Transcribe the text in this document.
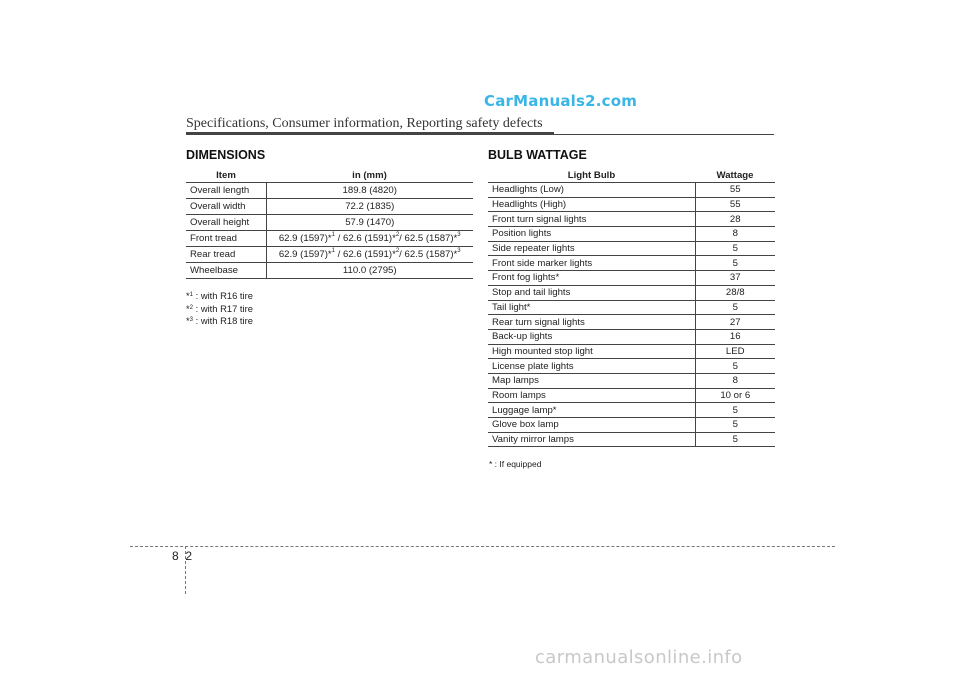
CarManuals2.com
Specifications, Consumer information, Reporting safety defects
DIMENSIONS
Item	in (mm)
Overall length	189.8 (4820)
Overall width	72.2 (1835)
Overall height	57.9 (1470)
Front tread	62.9 (1597)*$^1$ / 62.6 (1591)*$^2$/ 62.5 (1587)*$^3$
Rear tread	62.9 (1597)*$^1$ / 62.6 (1591)*$^2$/ 62.5 (1587)*$^3$
Wheelbase	110.0 (2795)
*$^1$ : with R16 tire
*$^2$ : with R17 tire
*$^3$ : with R18 tire
BULB WATTAGE
Light Bulb	Wattage
Headlights (Low)	55
Headlights (High)	55
Front turn signal lights	28
Position lights	8
Side repeater lights	5
Front side marker lights	5
Front fog lights*	37
Stop and tail lights	28/8
Tail light*	5
Rear turn signal lights	27
Back-up lights	16
High mounted stop light	LED
License plate lights	5
Map lamps	8
Room lamps	10 or 6
Luggage lamp*	5
Glove box lamp	5
Vanity mirror lamps	5
* : If equipped
8 2
carmanualsonline.info
